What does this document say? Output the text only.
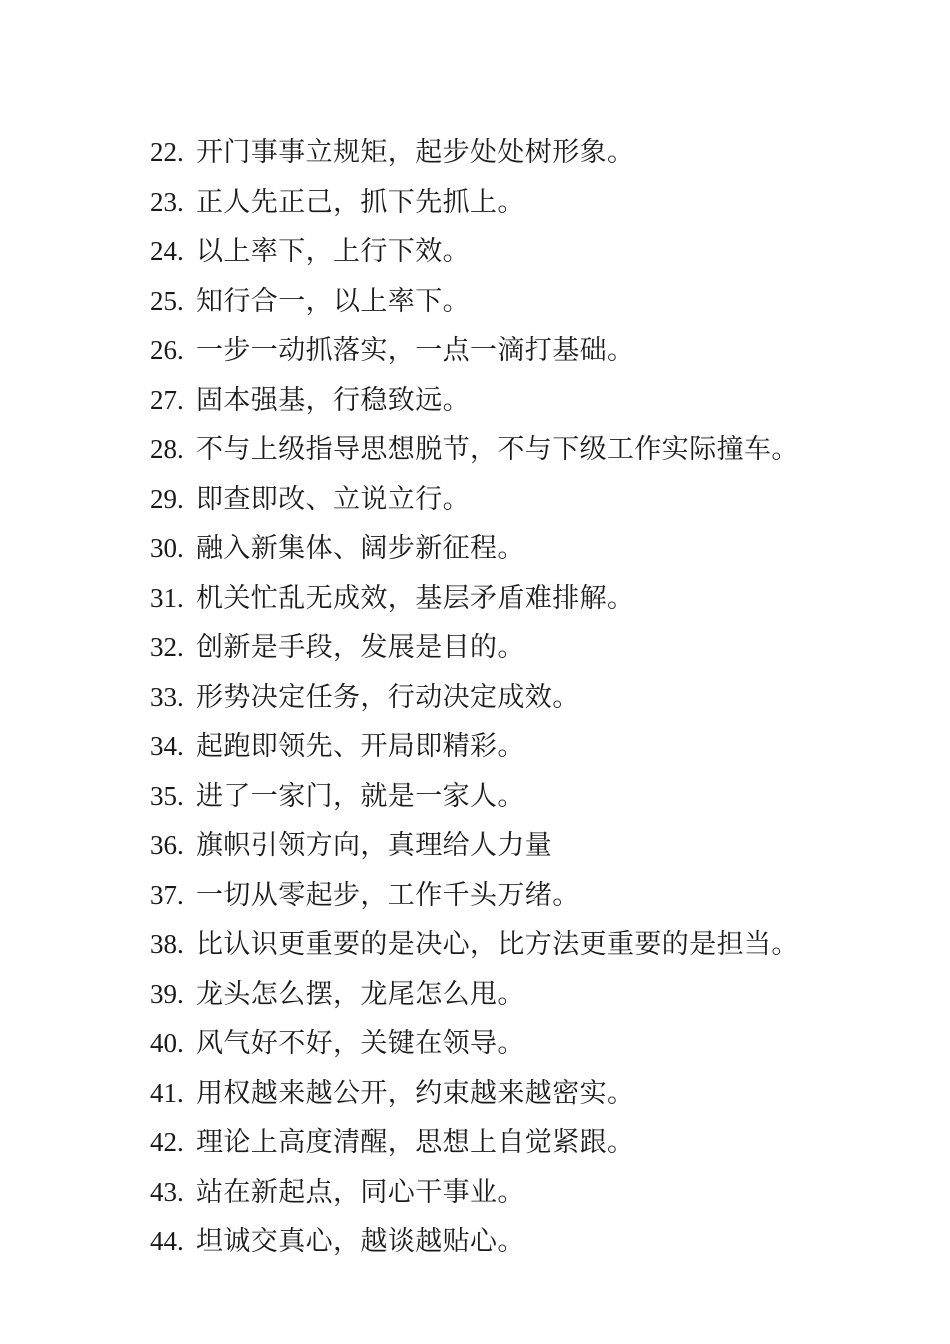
22. 开门事事立规矩，起步处处树形象。
23. 正人先正己，抓下先抓上。
24. 以上率下，上行下效。
25. 知行合一，以上率下。
26. 一步一动抓落实，一点一滴打基础。
27. 固本强基，行稳致远。
28. 不与上级指导思想脱节，不与下级工作实际撞车。
29. 即查即改、立说立行。
30. 融入新集体、阔步新征程。
31. 机关忙乱无成效，基层矛盾难排解。
32. 创新是手段，发展是目的。
33. 形势决定任务，行动决定成效。
34. 起跑即领先、开局即精彩。
35. 进了一家门，就是一家人。
36. 旗帜引领方向，真理给人力量
37. 一切从零起步，工作千头万绪。
38. 比认识更重要的是决心，比方法更重要的是担当。
39. 龙头怎么摆，龙尾怎么甩。
40. 风气好不好，关键在领导。
41. 用权越来越公开，约束越来越密实。
42. 理论上高度清醒，思想上自觉紧跟。
43. 站在新起点，同心干事业。
44. 坦诚交真心，越谈越贴心。
